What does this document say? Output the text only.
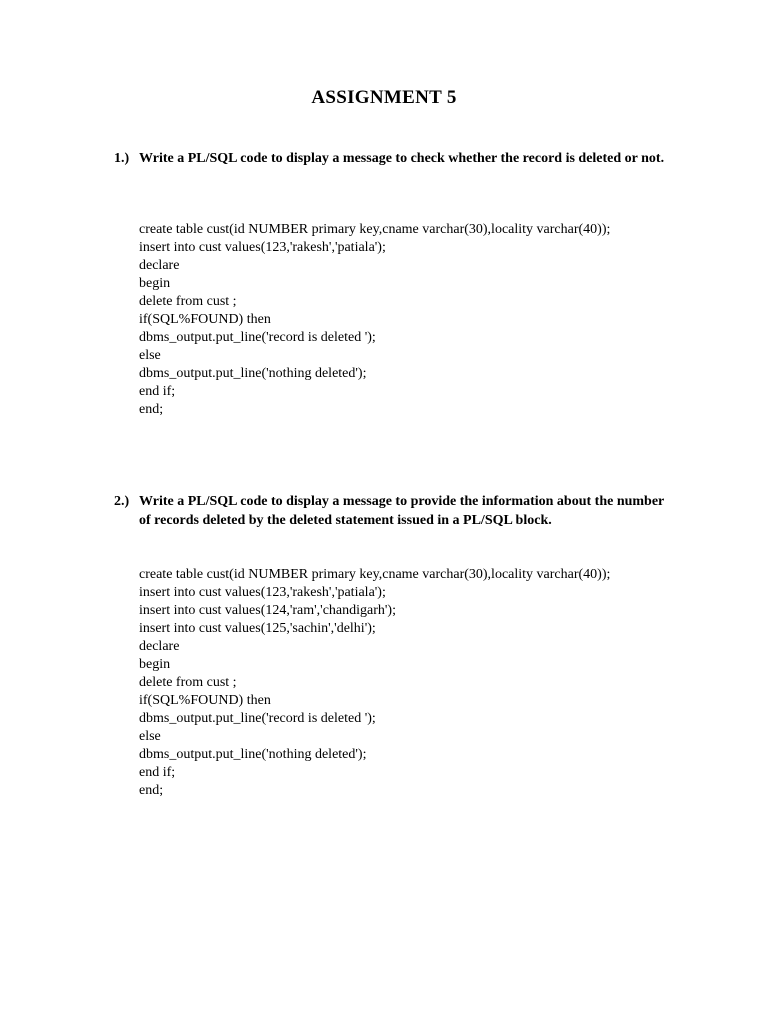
ASSIGNMENT 5
1.) Write a PL/SQL code to display a message to check whether the record is deleted or not.
create table cust(id NUMBER primary key,cname varchar(30),locality varchar(40));
insert into cust values(123,'rakesh','patiala');
declare
begin
delete from cust ;
if(SQL%FOUND) then
dbms_output.put_line('record is deleted ');
else
dbms_output.put_line('nothing deleted');
end if;
end;
2.) Write a PL/SQL code to display a message to provide the information about the number of records deleted by the deleted statement issued in a PL/SQL block.
create table cust(id NUMBER primary key,cname varchar(30),locality varchar(40));
insert into cust values(123,'rakesh','patiala');
insert into cust values(124,'ram','chandigarh');
insert into cust values(125,'sachin','delhi');
declare
begin
delete from cust ;
if(SQL%FOUND) then
dbms_output.put_line('record is deleted ');
else
dbms_output.put_line('nothing deleted');
end if;
end;
